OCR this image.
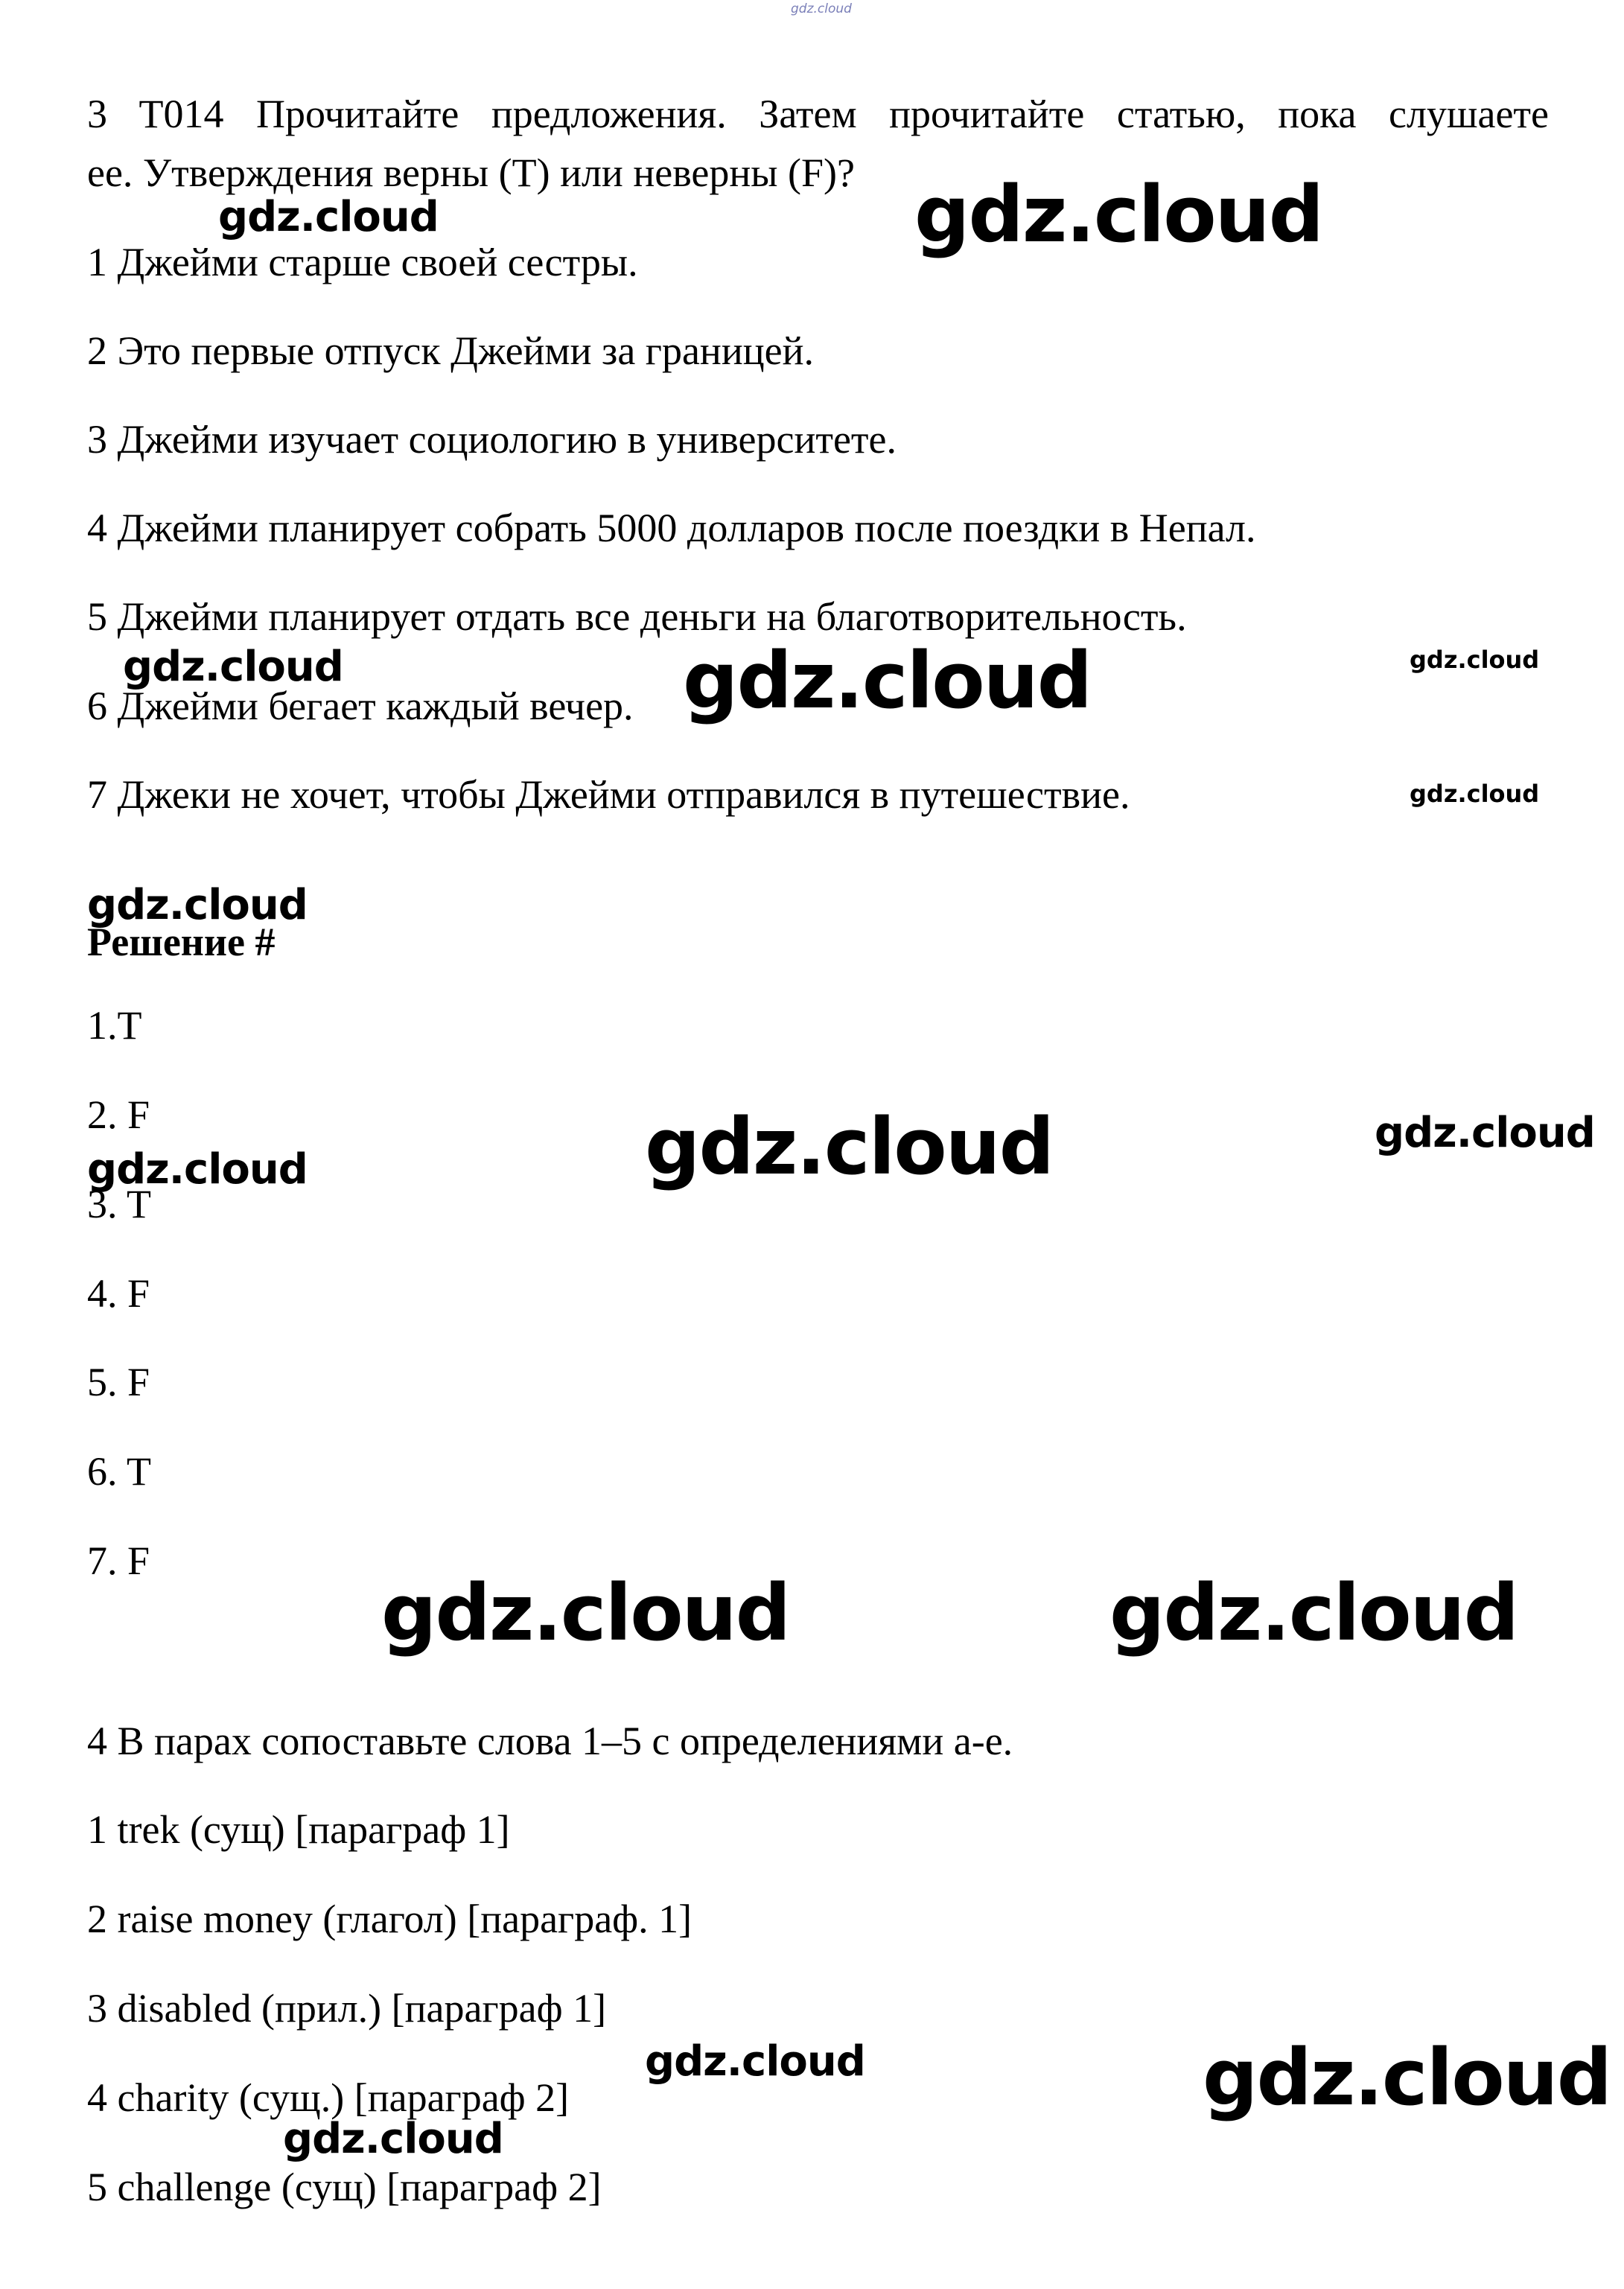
gdz.cloud
3 T014 Прочитайте предложения. Затем прочитайте статью, пока слушаете
ее. Утверждения верны (T) или неверны (F)?
1 Джейми старше своей сестры.
2 Это первые отпуск Джейми за границей.
3 Джейми изучает социологию в университете.
4 Джейми планирует собрать 5000 долларов после поездки в Непал.
5 Джейми планирует отдать все деньги на благотворительность.
6 Джейми бегает каждый вечер.
7 Джеки не хочет, чтобы Джейми отправился в путешествие.
Решение #
1.T
2. F
3. T
4. F
5. F
6. T
7. F
4 В парах сопоставьте слова 1–5 с определениями а-е.
1 trek (сущ) [параграф 1]
2 raise money (глагол) [параграф. 1]
3 disabled (прил.) [параграф 1]
4 charity (сущ.) [параграф 2]
5 challenge (сущ) [параграф 2]
gdz.cloud	gdz.cloud
gdz.cloud	gdz.cloud	gdz.cloud
gdz.cloud
gdz.cloud
gdz.cloud	gdz.cloud
gdz.cloud
gdz.cloud	gdz.cloud
gdz.cloud	gdz.cloud
gdz.cloud
